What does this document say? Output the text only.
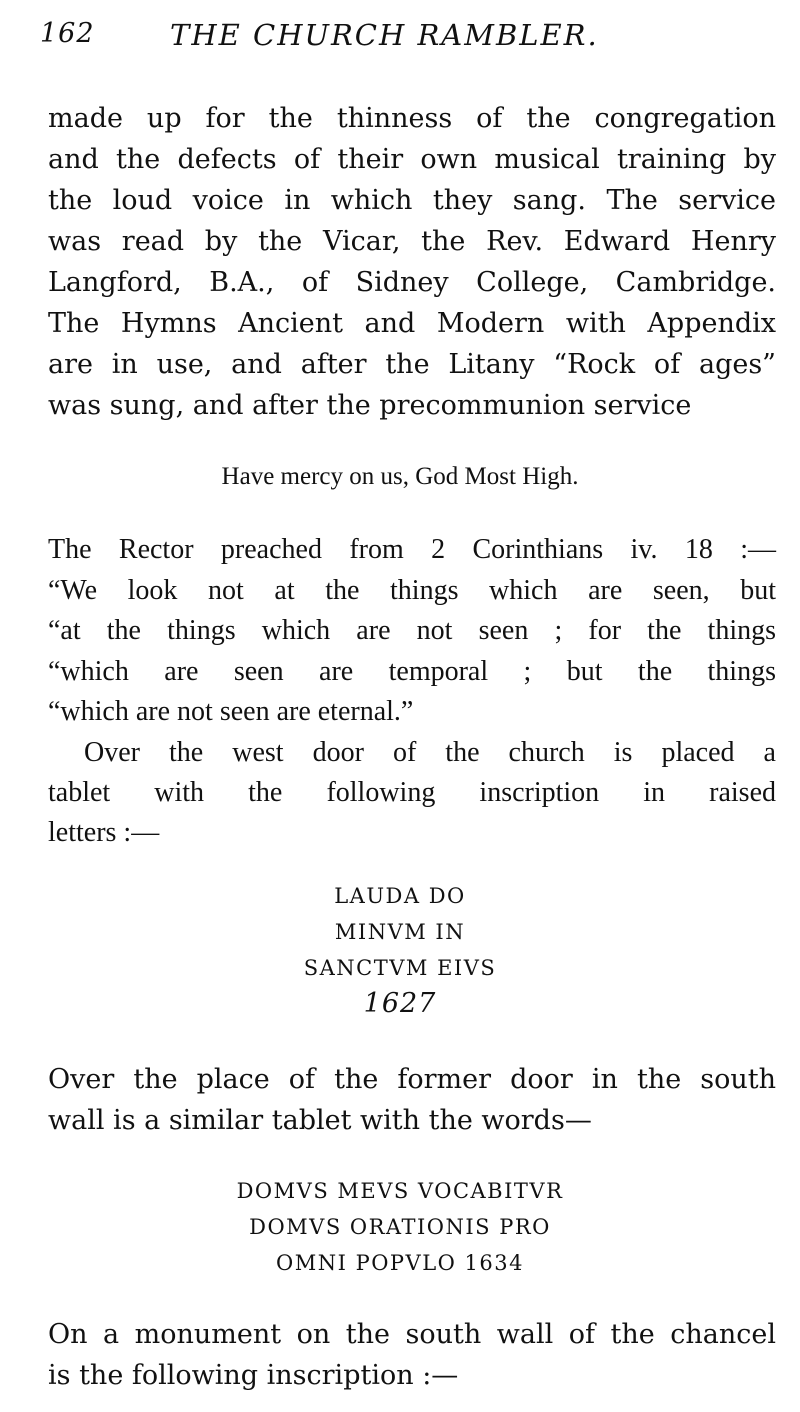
162	THE CHURCH RAMBLER.
made up for the thinness of the congregation
and the defects of their own musical training by
the loud voice in which they sang. The service
was read by the Vicar, the Rev. Edward Henry
Langford, B.A., of Sidney College, Cambridge.
The Hymns Ancient and Modern with Appendix
are in use, and after the Litany “Rock of ages”
was sung, and after the precommunion service

Have mercy on us, God Most High.

The Rector preached from 2 Corinthians iv. 18 :—
“We look not at the things which are seen, but
“at the things which are not seen ; for the things
“which are seen are temporal ; but the things
“which are not seen are eternal.”
Over the west door of the church is placed a
tablet with the following inscription in raised
letters :—
LAUDA DO
MINVM IN
SANCTVM EIVS
1627
Over the place of the former door in the south
wall is a similar tablet with the words—
DOMVS MEVS VOCABITVR
DOMVS ORATIONIS PRO
OMNI POPVLO 1634
On a monument on the south wall of the chancel
is the following inscription :—
